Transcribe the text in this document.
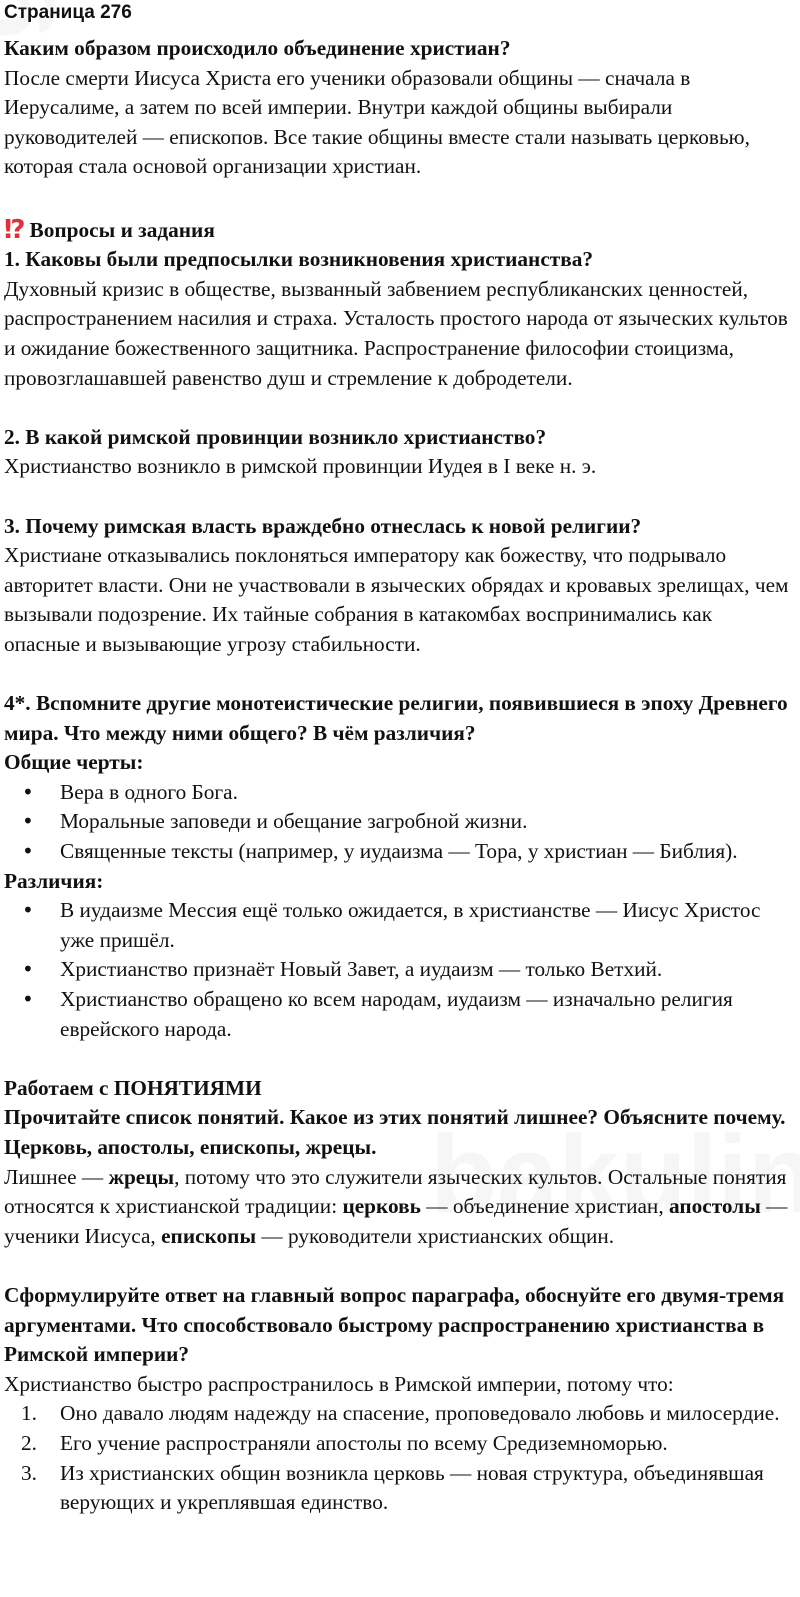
Страница 276
Каким образом происходило объединение христиан?

После смерти Иисуса Христа его ученики образовали общины — сначала в Иерусалиме, а затем по всей империи. Внутри каждой общины выбирали руководителей — епископов. Все такие общины вместе стали называть церковью, которая стала основой организации христиан.

⁉ Вопросы и задания
1. Каковы были предпосылки возникновения христианства?

Духовный кризис в обществе, вызванный забвением республиканских ценностей, распространением насилия и страха. Усталость простого народа от языческих культов и ожидание божественного защитника. Распространение философии стоицизма, провозглашавшей равенство душ и стремление к добродетели.

2. В какой римской провинции возникло христианство?

Христианство возникло в римской провинции Иудея в I веке н. э.

3. Почему римская власть враждебно отнеслась к новой религии?

Христиане отказывались поклоняться императору как божеству, что подрывало авторитет власти. Они не участвовали в языческих обрядах и кровавых зрелищах, чем вызывали подозрение. Их тайные собрания в катакомбах воспринимались как опасные и вызывающие угрозу стабильности.

4*. Вспомните другие монотеистические религии, появившиеся в эпоху Древнего мира. Что между ними общего? В чём различия?
Общие черты:
• Вера в одного Бога.
• Моральные заповеди и обещание загробной жизни.
• Священные тексты (например, у иудаизма — Тора, у христиан — Библия).
Различия:
• В иудаизме Мессия ещё только ожидается, в христианстве — Иисус Христос уже пришёл.
• Христианство признаёт Новый Завет, а иудаизм — только Ветхий.
• Христианство обращено ко всем народам, иудаизм — изначально религия еврейского народа.
Работаем с ПОНЯТИЯМИ
Прочитайте список понятий. Какое из этих понятий лишнее? Объясните почему. Церковь, апостолы, епископы, жрецы.

Лишнее — жрецы, потому что это служители языческих культов. Остальные понятия относятся к христианской традиции: церковь — объединение христиан, апостолы — ученики Иисуса, епископы — руководители христианских общин.

Сформулируйте ответ на главный вопрос параграфа, обоснуйте его двумя-тремя аргументами. Что способствовало быстрому распространению христианства в Римской империи?

Христианство быстро распространилось в Римской империи, потому что:

1. Оно давало людям надежду на спасение, проповедовало любовь и милосердие.
2. Его учение распространяли апостолы по всему Средиземноморью.
3. Из христианских общин возникла церковь — новая структура, объединявшая верующих и укреплявшая единство.
